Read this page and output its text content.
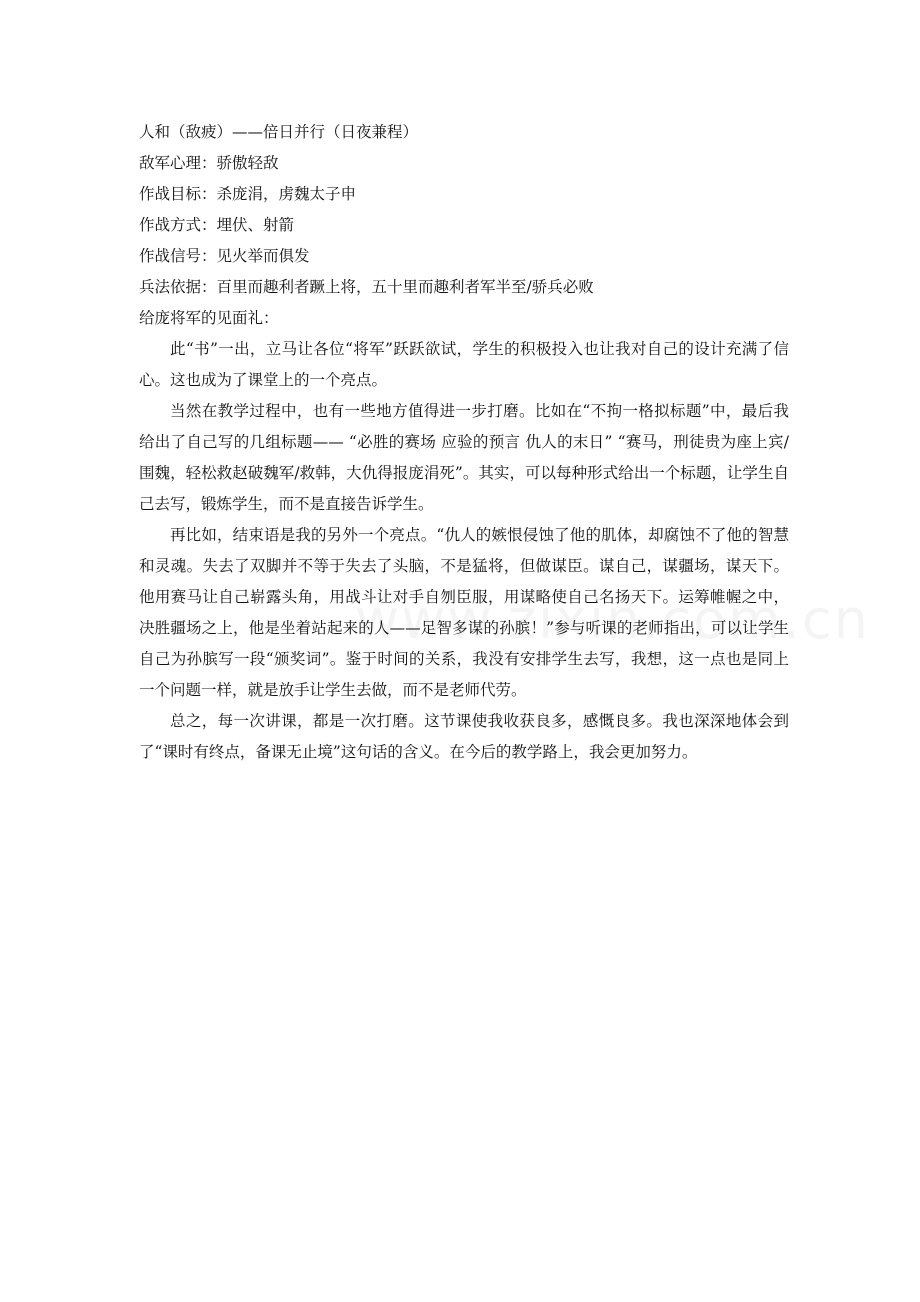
人和（敌疲）——倍日并行（日夜兼程）

敌军心理：骄傲轻敌

作战目标：杀庞涓，虏魏太子申

作战方式：埋伏、射箭

作战信号：见火举而俱发

兵法依据：百里而趣利者蹶上将，五十里而趣利者军半至/骄兵必败

给庞将军的见面礼：

此“书”一出，立马让各位“将军”跃跃欲试，学生的积极投入也让我对自己的设计充满了信心。这也成为了课堂上的一个亮点。

当然在教学过程中，也有一些地方值得进一步打磨。比如在“不拘一格拟标题”中，最后我给出了自己写的几组标题—— “必胜的赛场 应验的预言 仇人的末日” “赛马，刑徒贵为座上宾/围魏，轻松救赵破魏军/救韩，大仇得报庞涓死”。其实，可以每种形式给出一个标题，让学生自己去写，锻炼学生，而不是直接告诉学生。

再比如，结束语是我的另外一个亮点。“仇人的嫉恨侵蚀了他的肌体，却腐蚀不了他的智慧和灵魂。失去了双脚并不等于失去了头脑，不是猛将，但做谋臣。谋自己，谋疆场，谋天下。他用赛马让自己崭露头角，用战斗让对手自刎臣服，用谋略使自己名扬天下。运筹帷幄之中，决胜疆场之上，他是坐着站起来的人——足智多谋的孙膑！”参与听课的老师指出，可以让学生自己为孙膑写一段“颁奖词”。鉴于时间的关系，我没有安排学生去写，我想，这一点也是同上一个问题一样，就是放手让学生去做，而不是老师代劳。

总之，每一次讲课，都是一次打磨。这节课使我收获良多，感慨良多。我也深深地体会到了“课时有终点，备课无止境”这句话的含义。在今后的教学路上，我会更加努力。
